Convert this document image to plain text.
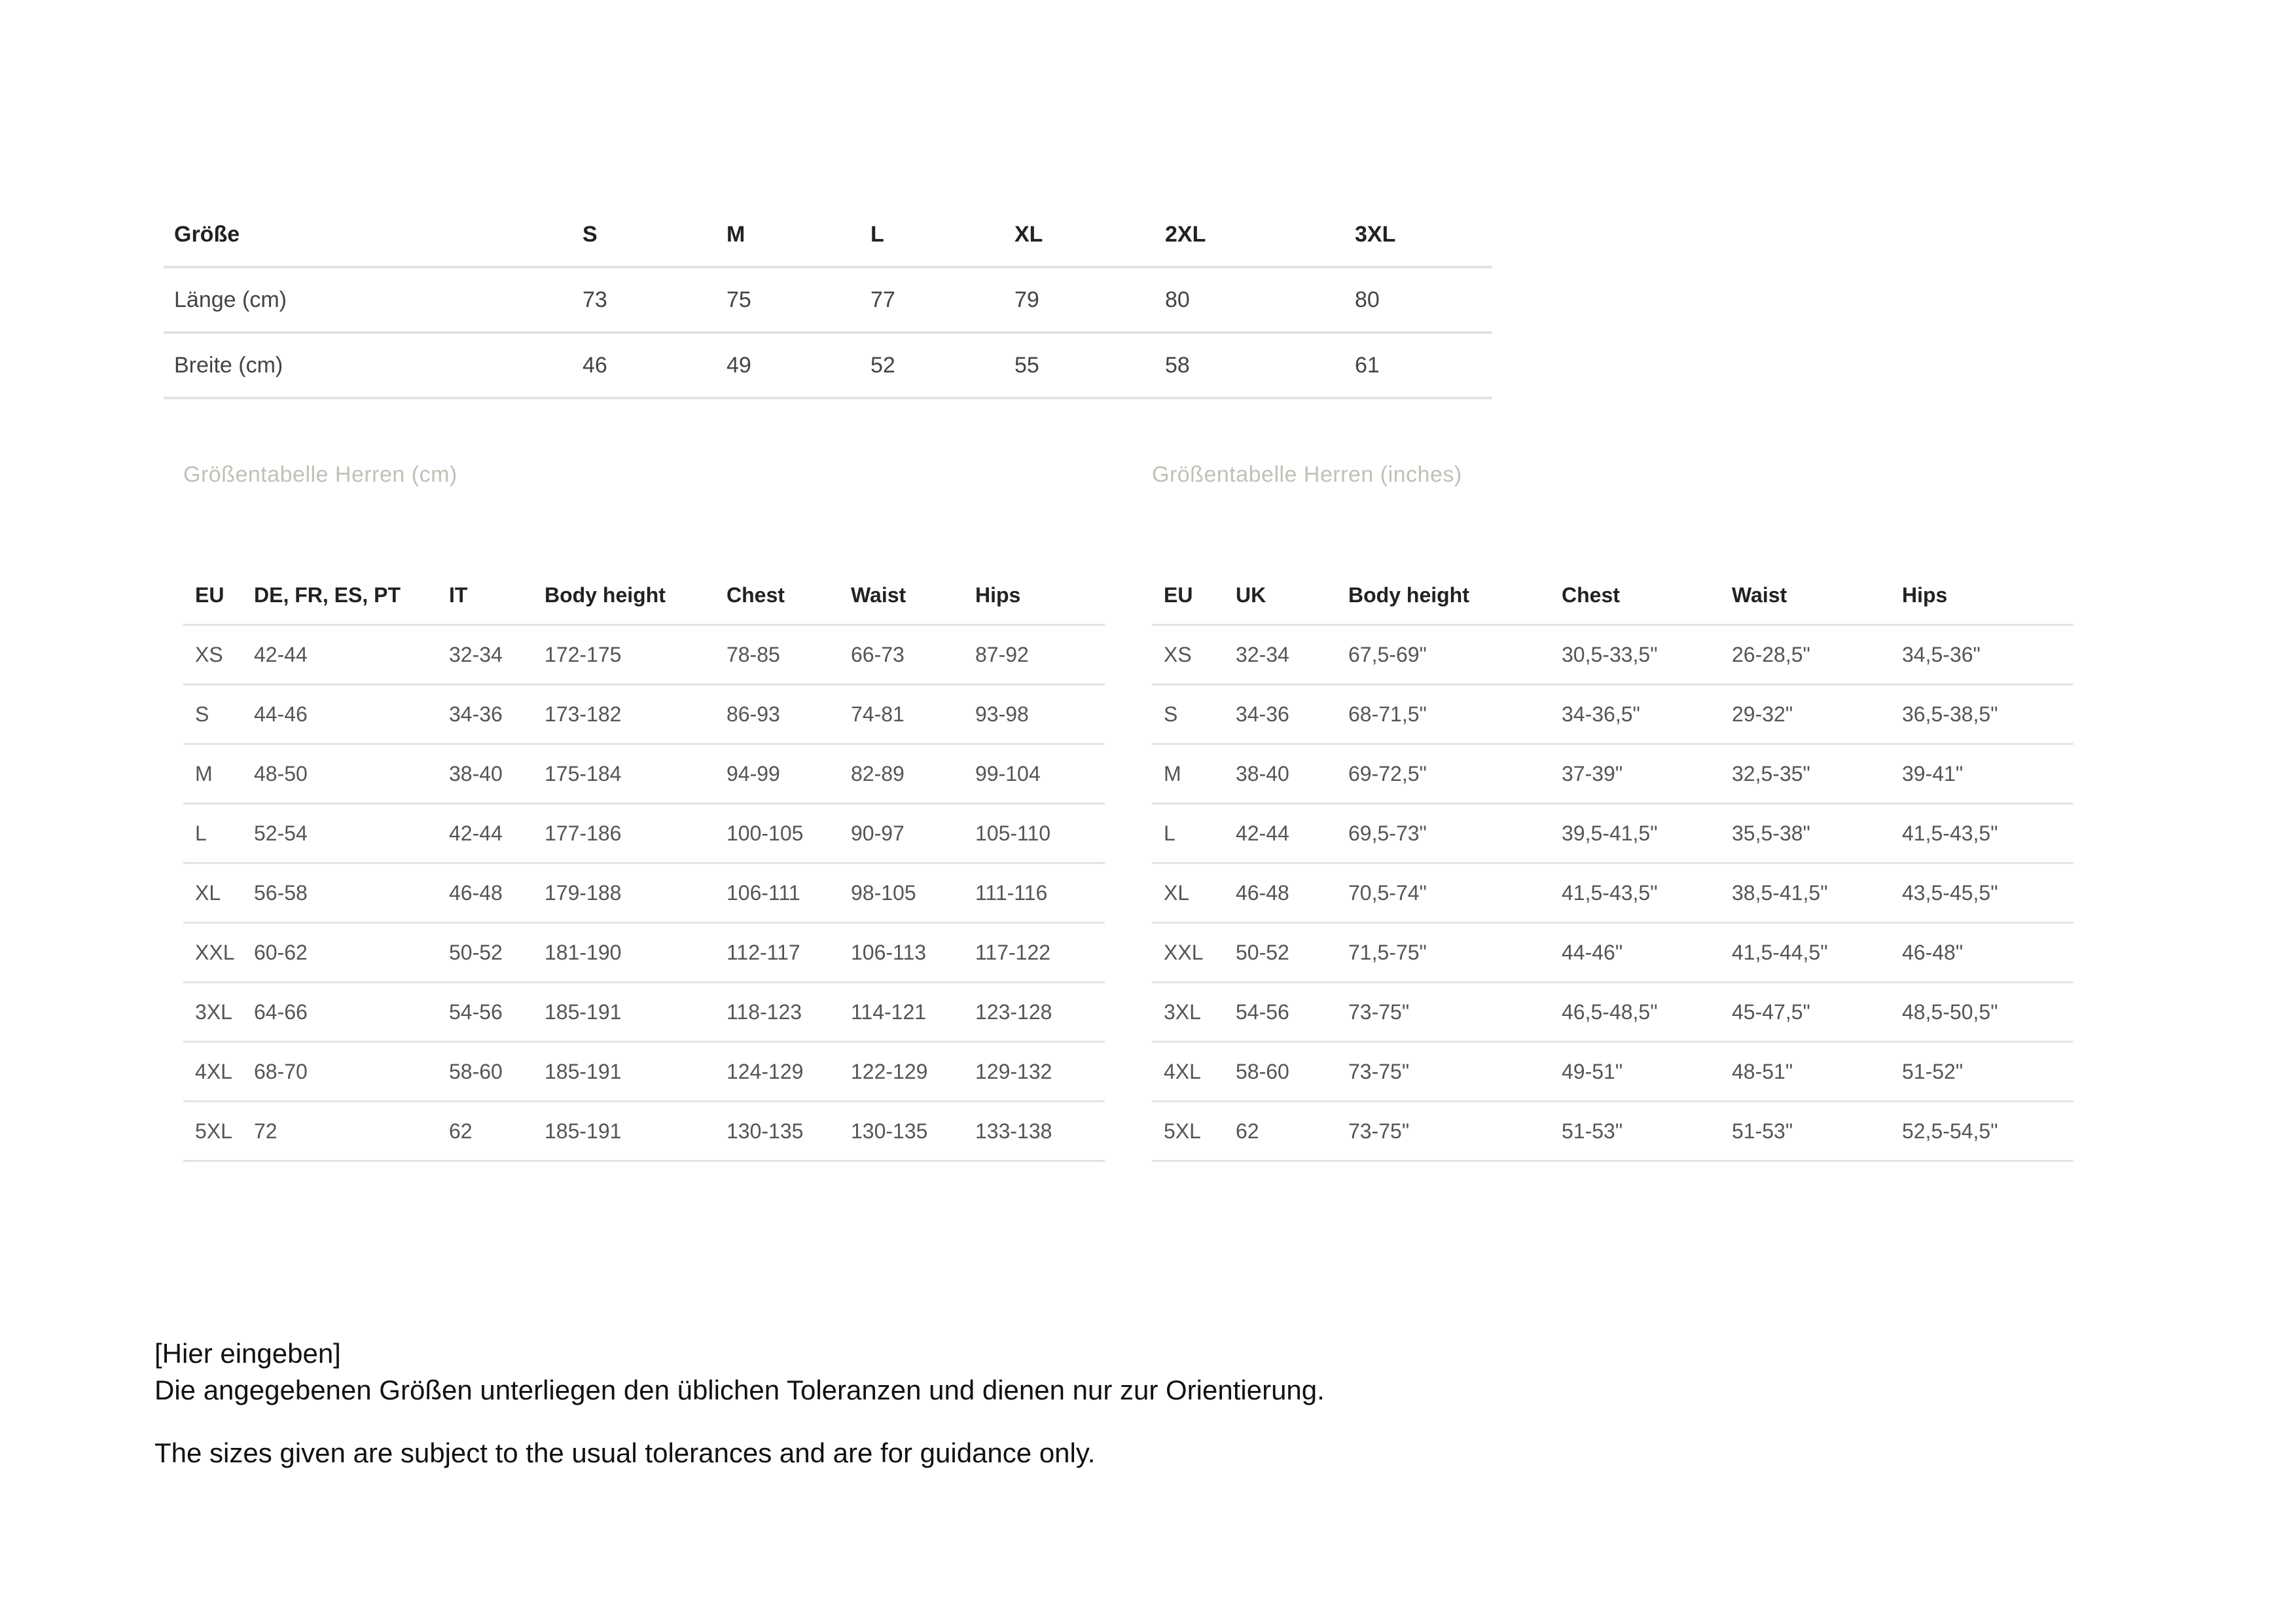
Größe	S	M	L	XL	2XL	3XL
Länge (cm)	73	75	77	79	80	80
Breite (cm)	46	49	52	55	58	61
Größentabelle Herren (cm)	Größentabelle Herren (inches)
EU	DE, FR, ES, PT	IT	Body height	Chest	Waist	Hips
XS	42-44	32-34	172-175	78-85	66-73	87-92
S	44-46	34-36	173-182	86-93	74-81	93-98
M	48-50	38-40	175-184	94-99	82-89	99-104
L	52-54	42-44	177-186	100-105	90-97	105-110
XL	56-58	46-48	179-188	106-111	98-105	111-116
XXL	60-62	50-52	181-190	112-117	106-113	117-122
3XL	64-66	54-56	185-191	118-123	114-121	123-128
4XL	68-70	58-60	185-191	124-129	122-129	129-132
5XL	72	62	185-191	130-135	130-135	133-138
EU	UK	Body height	Chest	Waist	Hips
XS	32-34	67,5-69"	30,5-33,5"	26-28,5"	34,5-36"
S	34-36	68-71,5"	34-36,5"	29-32"	36,5-38,5"
M	38-40	69-72,5"	37-39"	32,5-35"	39-41"
L	42-44	69,5-73"	39,5-41,5"	35,5-38"	41,5-43,5"
XL	46-48	70,5-74"	41,5-43,5"	38,5-41,5"	43,5-45,5"
XXL	50-52	71,5-75"	44-46"	41,5-44,5"	46-48"
3XL	54-56	73-75"	46,5-48,5"	45-47,5"	48,5-50,5"
4XL	58-60	73-75"	49-51"	48-51"	51-52"
5XL	62	73-75"	51-53"	51-53"	52,5-54,5"

[Hier eingeben]

Die angegebenen Größen unterliegen den üblichen Toleranzen und dienen nur zur Orientierung.

The sizes given are subject to the usual tolerances and are for guidance only.
